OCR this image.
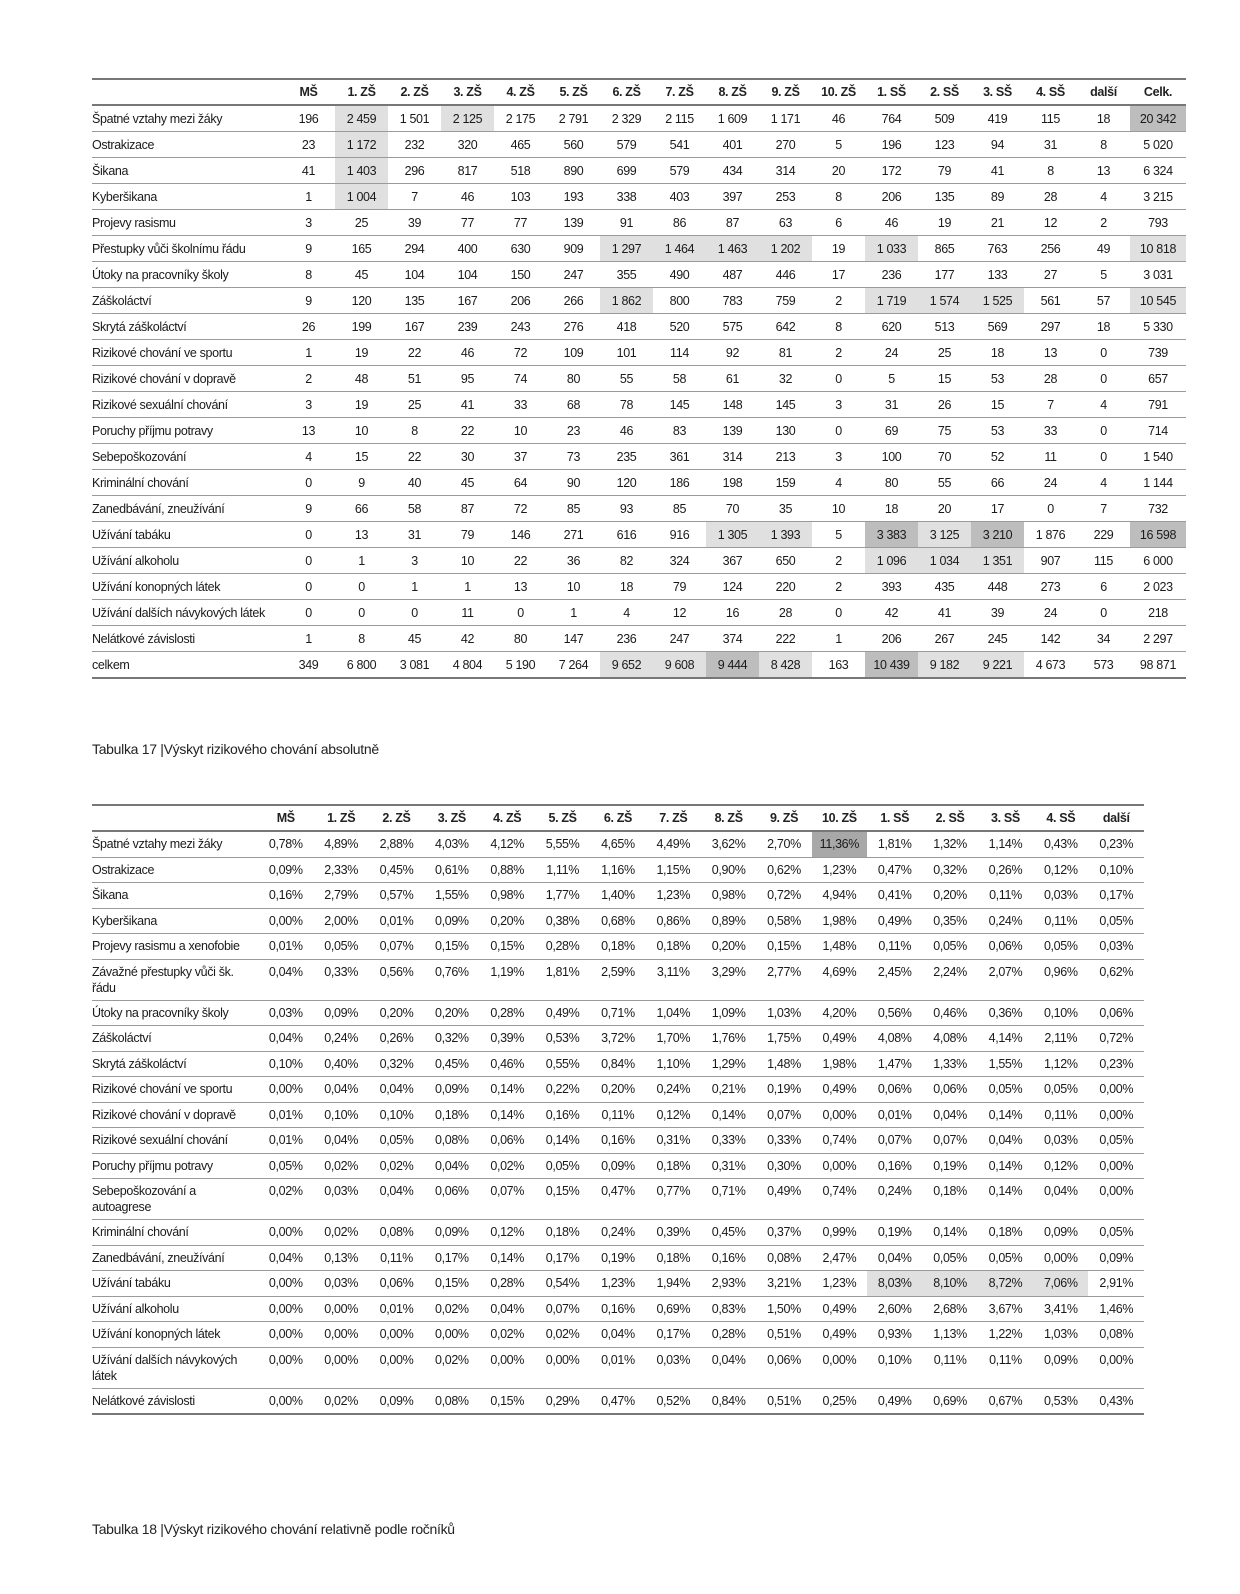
	MŠ	1. ZŠ	2. ZŠ	3. ZŠ	4. ZŠ	5. ZŠ	6. ZŠ	7. ZŠ	8. ZŠ	9. ZŠ	10. ZŠ	1. SŠ	2. SŠ	3. SŠ	4. SŠ	další	Celk.
Špatné vztahy mezi žáky	196	2 459	1 501	2 125	2 175	2 791	2 329	2 115	1 609	1 171	46	764	509	419	115	18	20 342
Ostrakizace	23	1 172	232	320	465	560	579	541	401	270	5	196	123	94	31	8	5 020
Šikana	41	1 403	296	817	518	890	699	579	434	314	20	172	79	41	8	13	6 324
Kyberšikana	1	1 004	7	46	103	193	338	403	397	253	8	206	135	89	28	4	3 215
Projevy rasismu	3	25	39	77	77	139	91	86	87	63	6	46	19	21	12	2	793
Přestupky vůči školnímu řádu	9	165	294	400	630	909	1 297	1 464	1 463	1 202	19	1 033	865	763	256	49	10 818
Útoky na pracovníky školy	8	45	104	104	150	247	355	490	487	446	17	236	177	133	27	5	3 031
Záškoláctví	9	120	135	167	206	266	1 862	800	783	759	2	1 719	1 574	1 525	561	57	10 545
Skrytá záškoláctví	26	199	167	239	243	276	418	520	575	642	8	620	513	569	297	18	5 330
Rizikové chování ve sportu	1	19	22	46	72	109	101	114	92	81	2	24	25	18	13	0	739
Rizikové chování v dopravě	2	48	51	95	74	80	55	58	61	32	0	5	15	53	28	0	657
Rizikové sexuální chování	3	19	25	41	33	68	78	145	148	145	3	31	26	15	7	4	791
Poruchy příjmu potravy	13	10	8	22	10	23	46	83	139	130	0	69	75	53	33	0	714
Sebepoškozování	4	15	22	30	37	73	235	361	314	213	3	100	70	52	11	0	1 540
Kriminální chování	0	9	40	45	64	90	120	186	198	159	4	80	55	66	24	4	1 144
Zanedbávání, zneužívání	9	66	58	87	72	85	93	85	70	35	10	18	20	17	0	7	732
Užívání tabáku	0	13	31	79	146	271	616	916	1 305	1 393	5	3 383	3 125	3 210	1 876	229	16 598
Užívání alkoholu	0	1	3	10	22	36	82	324	367	650	2	1 096	1 034	1 351	907	115	6 000
Užívání konopných látek	0	0	1	1	13	10	18	79	124	220	2	393	435	448	273	6	2 023
Užívání dalších návykových látek	0	0	0	11	0	1	4	12	16	28	0	42	41	39	24	0	218
Nelátkové závislosti	1	8	45	42	80	147	236	247	374	222	1	206	267	245	142	34	2 297
celkem	349	6 800	3 081	4 804	5 190	7 264	9 652	9 608	9 444	8 428	163	10 439	9 182	9 221	4 673	573	98 871
Tabulka 17 |Výskyt rizikového chování absolutně
	MŠ	1. ZŠ	2. ZŠ	3. ZŠ	4. ZŠ	5. ZŠ	6. ZŠ	7. ZŠ	8. ZŠ	9. ZŠ	10. ZŠ	1. SŠ	2. SŠ	3. SŠ	4. SŠ	další
Špatné vztahy mezi žáky	0,78%	4,89%	2,88%	4,03%	4,12%	5,55%	4,65%	4,49%	3,62%	2,70%	11,36%	1,81%	1,32%	1,14%	0,43%	0,23%
Ostrakizace	0,09%	2,33%	0,45%	0,61%	0,88%	1,11%	1,16%	1,15%	0,90%	0,62%	1,23%	0,47%	0,32%	0,26%	0,12%	0,10%
Šikana	0,16%	2,79%	0,57%	1,55%	0,98%	1,77%	1,40%	1,23%	0,98%	0,72%	4,94%	0,41%	0,20%	0,11%	0,03%	0,17%
Kyberšikana	0,00%	2,00%	0,01%	0,09%	0,20%	0,38%	0,68%	0,86%	0,89%	0,58%	1,98%	0,49%	0,35%	0,24%	0,11%	0,05%
Projevy rasismu a xenofobie	0,01%	0,05%	0,07%	0,15%	0,15%	0,28%	0,18%	0,18%	0,20%	0,15%	1,48%	0,11%	0,05%	0,06%	0,05%	0,03%
Závažné přestupky vůči šk. řádu	0,04%	0,33%	0,56%	0,76%	1,19%	1,81%	2,59%	3,11%	3,29%	2,77%	4,69%	2,45%	2,24%	2,07%	0,96%	0,62%
Útoky na pracovníky školy	0,03%	0,09%	0,20%	0,20%	0,28%	0,49%	0,71%	1,04%	1,09%	1,03%	4,20%	0,56%	0,46%	0,36%	0,10%	0,06%
Záškoláctví	0,04%	0,24%	0,26%	0,32%	0,39%	0,53%	3,72%	1,70%	1,76%	1,75%	0,49%	4,08%	4,08%	4,14%	2,11%	0,72%
Skrytá záškoláctví	0,10%	0,40%	0,32%	0,45%	0,46%	0,55%	0,84%	1,10%	1,29%	1,48%	1,98%	1,47%	1,33%	1,55%	1,12%	0,23%
Rizikové chování ve sportu	0,00%	0,04%	0,04%	0,09%	0,14%	0,22%	0,20%	0,24%	0,21%	0,19%	0,49%	0,06%	0,06%	0,05%	0,05%	0,00%
Rizikové chování v dopravě	0,01%	0,10%	0,10%	0,18%	0,14%	0,16%	0,11%	0,12%	0,14%	0,07%	0,00%	0,01%	0,04%	0,14%	0,11%	0,00%
Rizikové sexuální chování	0,01%	0,04%	0,05%	0,08%	0,06%	0,14%	0,16%	0,31%	0,33%	0,33%	0,74%	0,07%	0,07%	0,04%	0,03%	0,05%
Poruchy příjmu potravy	0,05%	0,02%	0,02%	0,04%	0,02%	0,05%	0,09%	0,18%	0,31%	0,30%	0,00%	0,16%	0,19%	0,14%	0,12%	0,00%
Sebepoškozování a autoagrese	0,02%	0,03%	0,04%	0,06%	0,07%	0,15%	0,47%	0,77%	0,71%	0,49%	0,74%	0,24%	0,18%	0,14%	0,04%	0,00%
Kriminální chování	0,00%	0,02%	0,08%	0,09%	0,12%	0,18%	0,24%	0,39%	0,45%	0,37%	0,99%	0,19%	0,14%	0,18%	0,09%	0,05%
Zanedbávání, zneužívání	0,04%	0,13%	0,11%	0,17%	0,14%	0,17%	0,19%	0,18%	0,16%	0,08%	2,47%	0,04%	0,05%	0,05%	0,00%	0,09%
Užívání tabáku	0,00%	0,03%	0,06%	0,15%	0,28%	0,54%	1,23%	1,94%	2,93%	3,21%	1,23%	8,03%	8,10%	8,72%	7,06%	2,91%
Užívání alkoholu	0,00%	0,00%	0,01%	0,02%	0,04%	0,07%	0,16%	0,69%	0,83%	1,50%	0,49%	2,60%	2,68%	3,67%	3,41%	1,46%
Užívání konopných látek	0,00%	0,00%	0,00%	0,00%	0,02%	0,02%	0,04%	0,17%	0,28%	0,51%	0,49%	0,93%	1,13%	1,22%	1,03%	0,08%
Užívání dalších návykových látek	0,00%	0,00%	0,00%	0,02%	0,00%	0,00%	0,01%	0,03%	0,04%	0,06%	0,00%	0,10%	0,11%	0,11%	0,09%	0,00%
Nelátkové závislosti	0,00%	0,02%	0,09%	0,08%	0,15%	0,29%	0,47%	0,52%	0,84%	0,51%	0,25%	0,49%	0,69%	0,67%	0,53%	0,43%
Tabulka 18 |Výskyt rizikového chování relativně podle ročníků
